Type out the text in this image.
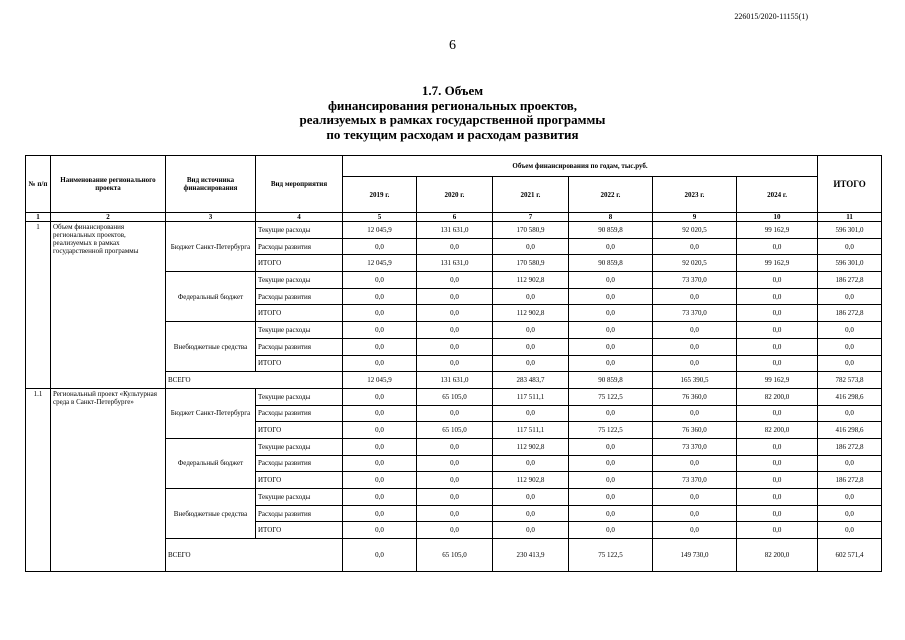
226015/2020-11155(1)
6
1.7. Объем
финансирования региональных проектов,
реализуемых в рамках государственной программы
по текущим расходам и расходам развития
№ п/п	Наименование регионального проекта	Вид источника финансирования	Вид мероприятия	Объем финансирования по годам, тыс.руб.						ИТОГО
				2019 г.	2020 г.	2021 г.	2022 г.	2023 г.	2024 г.	
1	2	3	4	5	6	7	8	9	10	11
1	Объем финансирования региональных проектов, реализуемых в рамках государственной программы	Бюджет Санкт-Петербурга	Текущие расходы	12 045,9	131 631,0	170 580,9	90 859,8	92 020,5	99 162,9	596 301,0
			Расходы развития	0,0	0,0	0,0	0,0	0,0	0,0	0,0
			ИТОГО	12 045,9	131 631,0	170 580,9	90 859,8	92 020,5	99 162,9	596 301,0
		Федеральный бюджет	Текущие расходы	0,0	0,0	112 902,8	0,0	73 370,0	0,0	186 272,8
			Расходы развития	0,0	0,0	0,0	0,0	0,0	0,0	0,0
			ИТОГО	0,0	0,0	112 902,8	0,0	73 370,0	0,0	186 272,8
		Внебюджетные средства	Текущие расходы	0,0	0,0	0,0	0,0	0,0	0,0	0,0
			Расходы развития	0,0	0,0	0,0	0,0	0,0	0,0	0,0
			ИТОГО	0,0	0,0	0,0	0,0	0,0	0,0	0,0
		ВСЕГО		12 045,9	131 631,0	283 483,7	90 859,8	165 390,5	99 162,9	782 573,8
1.1	Региональный проект «Культурная среда в Санкт-Петербурге»	Бюджет Санкт-Петербурга	Текущие расходы	0,0	65 105,0	117 511,1	75 122,5	76 360,0	82 200,0	416 298,6
			Расходы развития	0,0	0,0	0,0	0,0	0,0	0,0	0,0
			ИТОГО	0,0	65 105,0	117 511,1	75 122,5	76 360,0	82 200,0	416 298,6
		Федеральный бюджет	Текущие расходы	0,0	0,0	112 902,8	0,0	73 370,0	0,0	186 272,8
			Расходы развития	0,0	0,0	0,0	0,0	0,0	0,0	0,0
			ИТОГО	0,0	0,0	112 902,8	0,0	73 370,0	0,0	186 272,8
		Внебюджетные средства	Текущие расходы	0,0	0,0	0,0	0,0	0,0	0,0	0,0
			Расходы развития	0,0	0,0	0,0	0,0	0,0	0,0	0,0
			ИТОГО	0,0	0,0	0,0	0,0	0,0	0,0	0,0
		ВСЕГО		0,0	65 105,0	230 413,9	75 122,5	149 730,0	82 200,0	602 571,4
